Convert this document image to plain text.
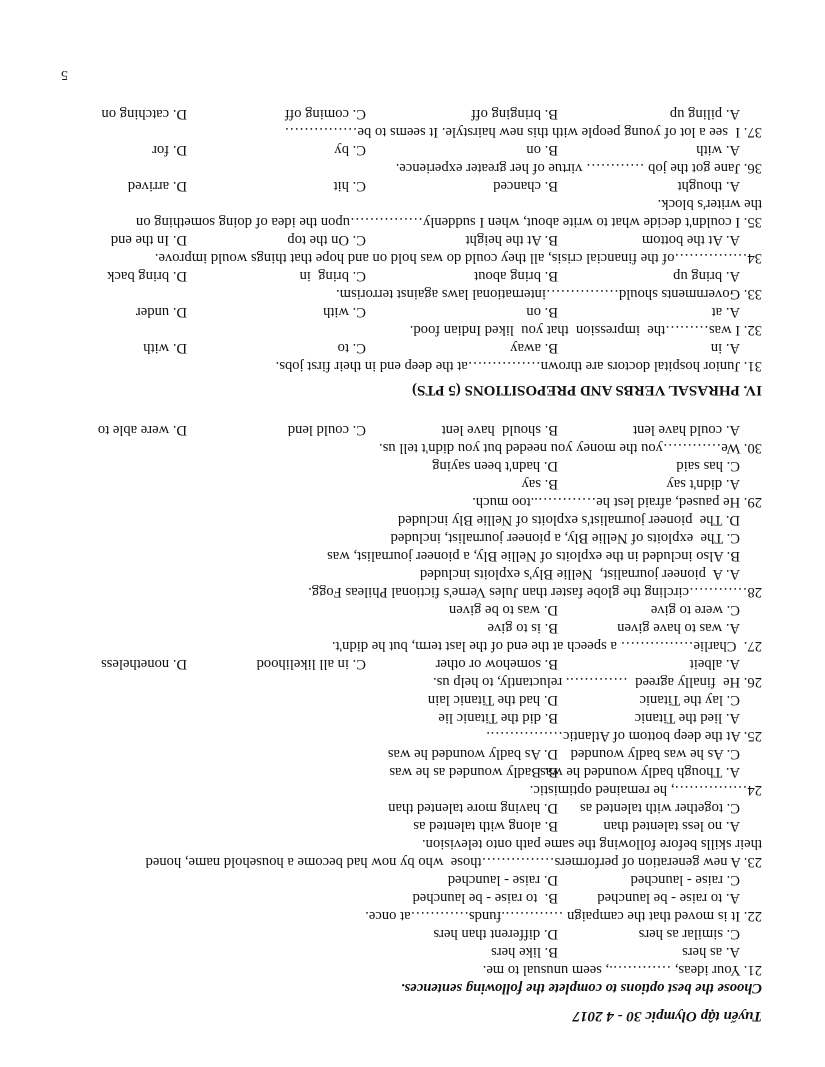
Tuyển tập Olympic 30 - 4 2017
Choose the best options to complete the following sentences.
21. Your ideas, …………., seem unusual to me.
A. as hers
B. like hers
C. similar as hers
D. different than hers
22. It is moved that the campaign ………….funds…………at once.
A. to raise - be launched
B.  to raise - be launched
C. raise - launched
D. raise - launched
23. A new generation of performers……………those  who by now had become a household name, honed
their skills before following the same path onto television.
A. no less talented than
B. along with talented as
C. together with talented as
D. having more talented than
24……………, he remained optimistic.
A. Though badly wounded he was
B. Badly wounded as he was
C. As he was badly wounded
D. As badly wounded he was
25. At the deep bottom of Atlantic…………….
A. lied the Titanic
B. did the Titanic lie
C. lay the Titanic
D. had the Titanic lain
26. He  finally agreed  …………. reluctantly, to help us.
A. albeit
B. somehow or other
C. in all likelihood
D. nonetheless
27.  Charlie…………… a speech at the end of the last term, but he didn't.
A. was to have given
B. is to give
C. were to give
D. was to be given
28…………circling the globe faster than Jules Verne's fictional Phileas Fogg.
A. A  pioneer journalist,  Nellie Bly's exploits included
B. Also included in the exploits of Nellie Bly, a pioneer journalist, was
C. The  exploits of Nellie Bly, a pioneer journalist, included
D. The  pioneer journalist's exploits of Nellie Bly included
29. He paused, afraid lest he…………..too much.
A. didn't say
B. say
C. has said
D. hadn't been saying
30. We…………you the money you needed but you didn't tell us.
A. could have lent
B. should  have lent
C. could lend
D. were able to
IV. PHRASAL VERBS AND PREPOSITIONS (5 PTS)
31. Junior hospital doctors are thrown……………at the deep end in their first jobs.
A. in
B. away
C. to
D. with
32. I was………the  impression  that you  liked Indian food.
A. at
B. on
C. with
D. under
33. Governments should……………international laws against terrorism.
A. bring up
B. bring about
C. bring  in
D. bring back
34……………of the financial crisis, all they could do was hold on and hope that things would improve.
A. At the bottom
B. At the height
C. On the top
D. In the end
35. I couldn't decide what to write about, when I suddenly……………upon the idea of doing something on
the writer's block.
A. thought
B. chanced
C. hit
D. arrived
36. Jane got the job ………… virtue of her greater experience.
A. with
B. on
C. by
D. for
37. I  see a lot of young people with this new hairstyle. It seems to be……………
A. piling up
B. bringing off
C. coming off
D. catching on
5
